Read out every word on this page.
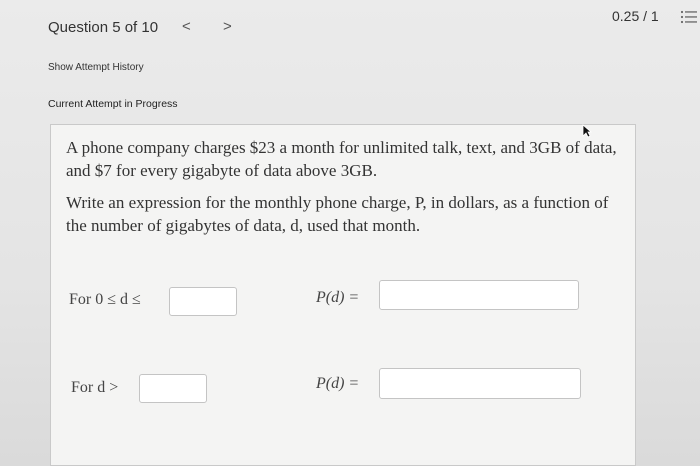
Question 5 of 10 < >
0.25 / 1
Show Attempt History
Current Attempt in Progress
A phone company charges $23 a month for unlimited talk, text, and 3GB of data, and $7 for every gigabyte of data above 3GB.
Write an expression for the monthly phone charge, P, in dollars, as a function of the number of gigabytes of data, d, used that month.
For 0 ≤ d ≤	P(d) =
For d >	P(d) =
